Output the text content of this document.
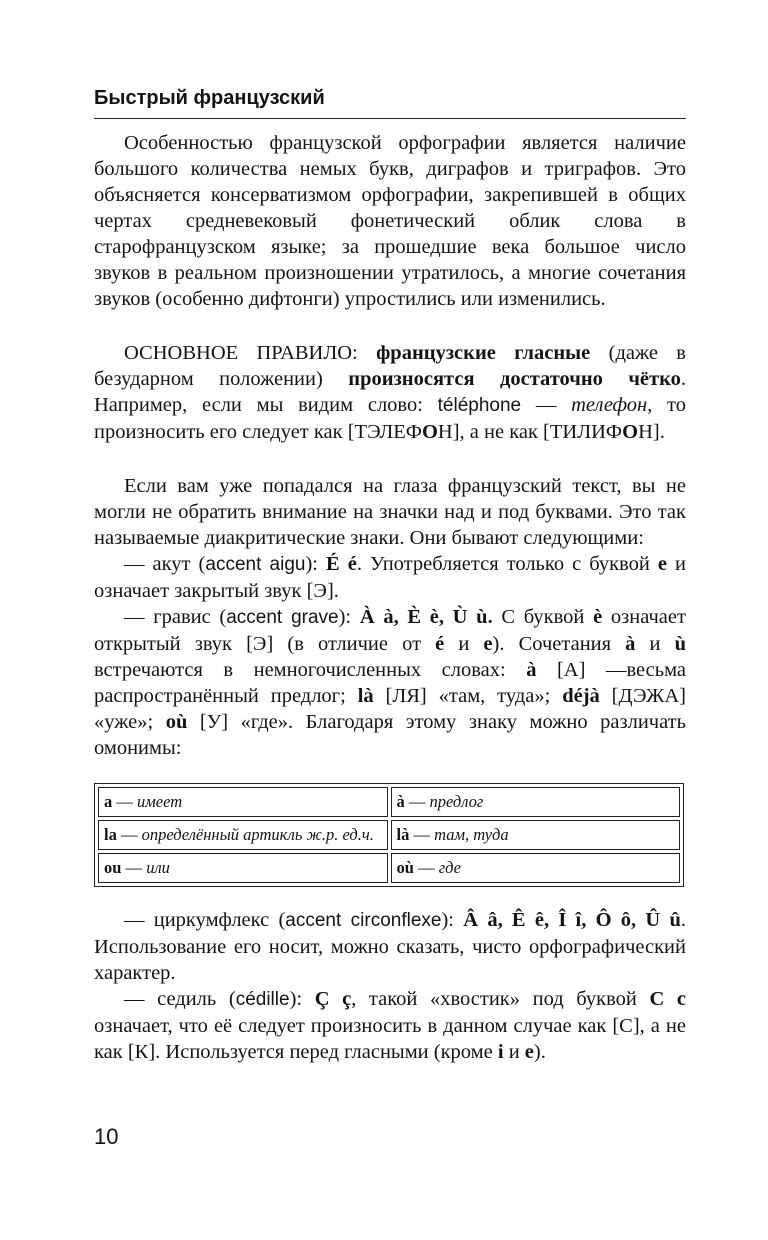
Быстрый французский

Особенностью французской орфографии является наличие большого количества немых букв, диграфов и триграфов. Это объясняется консерватизмом орфографии, закрепившей в общих чертах средневековый фонетический облик слова в старофранцузском языке; за прошедшие века большое число звуков в реальном произношении утратилось, а многие сочетания звуков (особенно дифтонги) упростились или изменились.

ОСНОВНОЕ ПРАВИЛО: французские гласные (даже в безударном положении) произносятся достаточно чётко. Например, если мы видим слово: téléphone — телефон, то произносить его следует как [ТЭЛЕФОН], а не как [ТИЛИФОН].

Если вам уже попадался на глаза французский текст, вы не могли не обратить внимание на значки над и под буквами. Это так называемые диакритические знаки. Они бывают следующими:

— акут (accent aigu): É é. Употребляется только с буквой e и означает закрытый звук [Э].

— гравис (accent grave): À à, È è, Ù ù. С буквой è означает открытый звук [Э] (в отличие от é и e). Сочетания à и ù встречаются в немногочисленных словах: à [А] —весьма распространённый предлог; là [ЛЯ] «там, туда»; déjà [ДЭЖА] «уже»; où [У] «где». Благодаря этому знаку можно различать омонимы:

a — имеет	à — предлог
la — определённый артикль ж.р. ед.ч.	là — там, туда
ou — или	où — где

— циркумфлекс (accent circonflexe): Â â, Ê ê, Î î, Ô ô, Û û. Использование его носит, можно сказать, чисто орфографический характер.

— седиль (cédille): Ç ç, такой «хвостик» под буквой C c означает, что её следует произносить в данном случае как [С], а не как [К]. Используется перед гласными (кроме i и e).

10
